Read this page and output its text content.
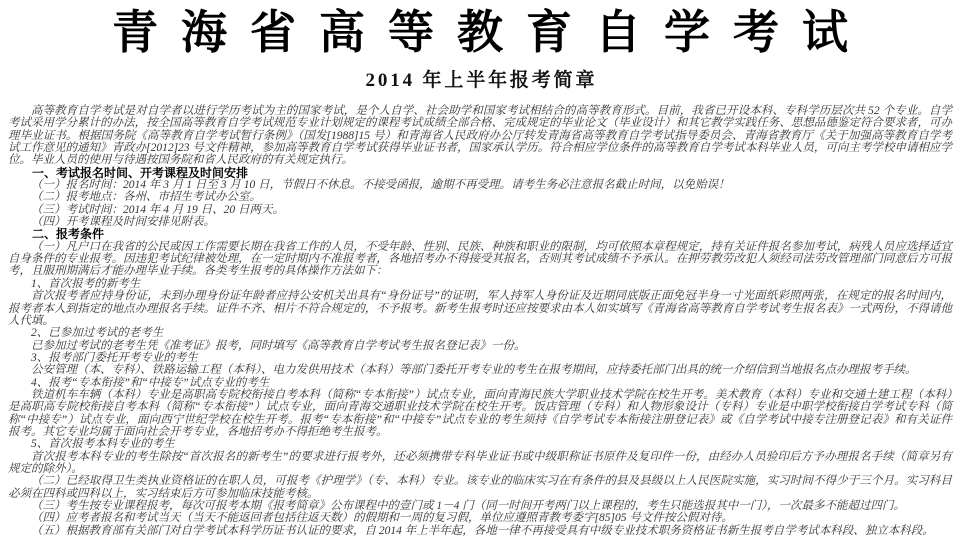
青海省高等教育自学考试
2014 年上半年报考简章

高等教育自学考试是对自学者以进行学历考试为主的国家考试，是个人自学、社会助学和国家考试相结合的高等教育形式。目前，我省已开设本科、专科学历层次共 52 个专业。自学考试采用学分累计的办法，按全国高等教育自学考试规范专业计划规定的课程考试成绩全部合格、完成规定的毕业论文（毕业设计）和其它教学实践任务、思想品德鉴定符合要求者，可办理毕业证书。根据国务院《高等教育自学考试暂行条例》（国发[1988]15 号）和青海省人民政府办公厅转发青海省高等教育自学考试指导委员会、青海省教育厅《关于加强高等教育自学考试工作意见的通知》青政办[2012]23 号文件精神，参加高等教育自学考试获得毕业证书者，国家承认学历。符合相应学位条件的高等教育自学考试本科毕业人员，可向主考学校申请相应学位。毕业人员的使用与待遇按国务院和省人民政府的有关规定执行。

一、考试报名时间、开考课程及时间安排

（一）报名时间：2014 年 3 月 1 日至 3 月 10 日，节假日不休息。不接受函报，逾期不再受理。请考生务必注意报名截止时间，以免贻误！

（二）报考地点：各州、市招生考试办公室。

（三）考试时间：2014 年 4 月 19 日、20 日两天。

（四）开考课程及时间安排见附表。

二、报考条件

（一）凡户口在我省的公民或因工作需要长期在我省工作的人员，不受年龄、性别、民族、种族和职业的限制，均可依照本章程规定，持有关证件报名参加考试，病残人员应选择适宜自身条件的专业报考。因违犯考试纪律被处理，在一定时期内不准报考者，各地招考办不得接受其报名，否则其考试成绩不予承认。在押劳教劳改犯人须经司法劳改管理部门同意后方可报考，且服刑期满后才能办理毕业手续。各类考生报考的具体操作方法如下：

1、首次报考的新考生

首次报考者应持身份证，未到办理身份证年龄者应持公安机关出具有“身份证号”的证明，军人持军人身份证及近期同底版正面免冠半身一寸光面纸彩照两张，在规定的报名时间内，报考者本人到指定的地点办理报名手续。证件不齐、相片不符合规定的，不予报考。新考生报考时还应按要求由本人如实填写《青海省高等教育自学考试考生报名表》一式两份，不得请他人代填。

2、已参加过考试的老考生

已参加过考试的老考生凭《准考证》报考，同时填写《高等教育自学考试考生报名登记表》一份。

3、报考部门委托开考专业的考生

公安管理（本、专科）、铁路运输工程（本科）、电力发供用技术（本科）等部门委托开考专业的考生在报考期间，应持委托部门出具的统一介绍信到当地报名点办理报考手续。

4、报考“专本衔接”和“中接专”试点专业的考生

铁道机车车辆（本科）专业是高职高专院校衔接自考本科（简称“专本衔接”）试点专业，面向青海民族大学职业技术学院在校生开考。美术教育（本科）专业和交通土建工程（本科）是高职高专院校衔接自考本科（简称“专本衔接”）试点专业，面向青海交通职业技术学院在校生开考。饭店管理（专科）和人物形象设计（专科）专业是中职学校衔接自学考试专科（简称“中接专”）试点专业，面向西宁世纪学校在校生开考。报考“专本衔接”和“中接专”试点专业的考生须持《自学考试专本衔接注册登记表》或《自学考试中接专注册登记表》和有关证件报考。其它专业均属于面向社会开考专业，各地招考办不得拒绝考生报考。

5、首次报考本科专业的考生

首次报考本科专业的考生除按“首次报名的新考生”的要求进行报考外，还必须携带专科毕业证书或中级职称证书原件及复印件一份，由经办人员验印后方予办理报名手续（简章另有规定的除外）。

（二）已经取得卫生类执业资格证的在职人员，可报考《护理学》（专、本科）专业。该专业的临床实习在有条件的县及县级以上人民医院实施，实习时间不得少于三个月。实习科目必须在四科或四科以上，实习结束后方可参加临床技能考核。

（三）考生按专业课程报考，每次可报考本期《报考简章》公布课程中的壹门或 1－4 门（同一时间开考两门以上课程的，考生只能选报其中一门），一次最多不能超过四门。

（四）应考者报名和考试当天（当天不能返回者包括往返天数）的假期和一周的复习假，单位应遵照青教考委字[85]05 号文件按公假对待。

（五）根据教育部有关部门对自学考试本科学历证书认证的要求，自 2014 年上半年起，各地一律不再接受具有中级专业技术职务资格证书新生报考自学考试本科段、独立本科段。
